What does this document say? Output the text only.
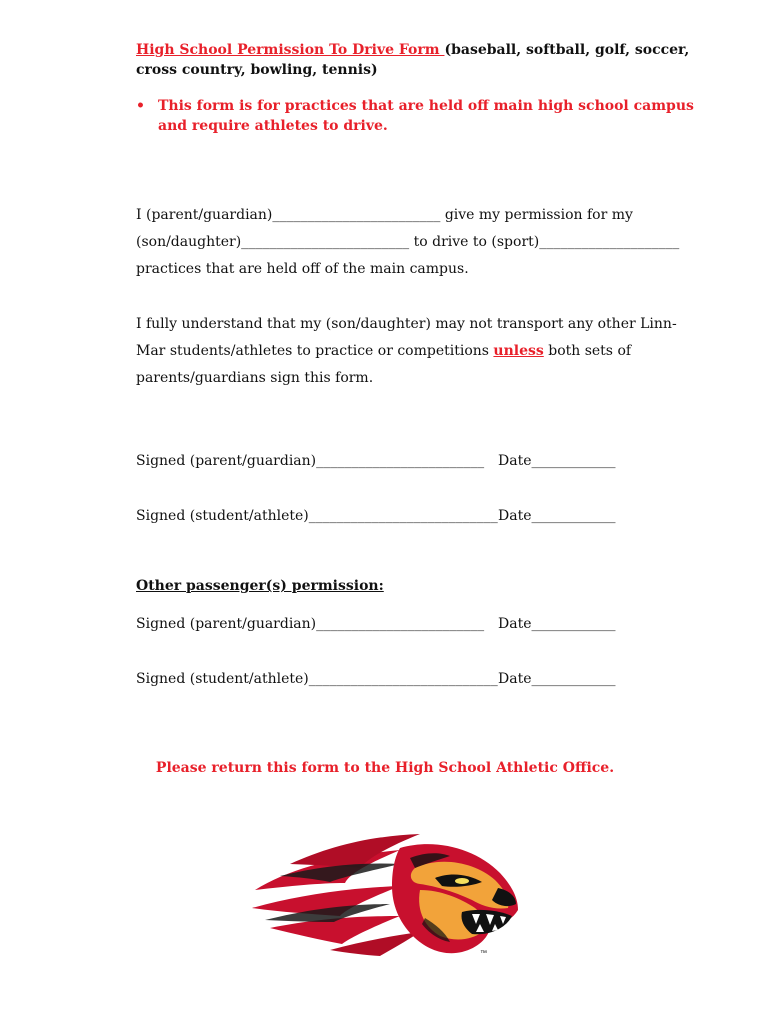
High School Permission To Drive Form (baseball, softball, golf, soccer, cross country, bowling, tennis)
• This form is for practices that are held off main high school campus and require athletes to drive.
I (parent/guardian)________________________ give my permission for my
(son/daughter)________________________ to drive to (sport)____________________
practices that are held off of the main campus.
I fully understand that my (son/daughter) may not transport any other Linn-Mar students/athletes to practice or competitions unless both sets of parents/guardians sign this form.
Signed (parent/guardian)________________________ Date____________
Signed (student/athlete)___________________________ Date____________
Other passenger(s) permission:
Signed (parent/guardian)________________________ Date____________
Signed (student/athlete)___________________________ Date____________
Please return this form to the High School Athletic Office.
™
